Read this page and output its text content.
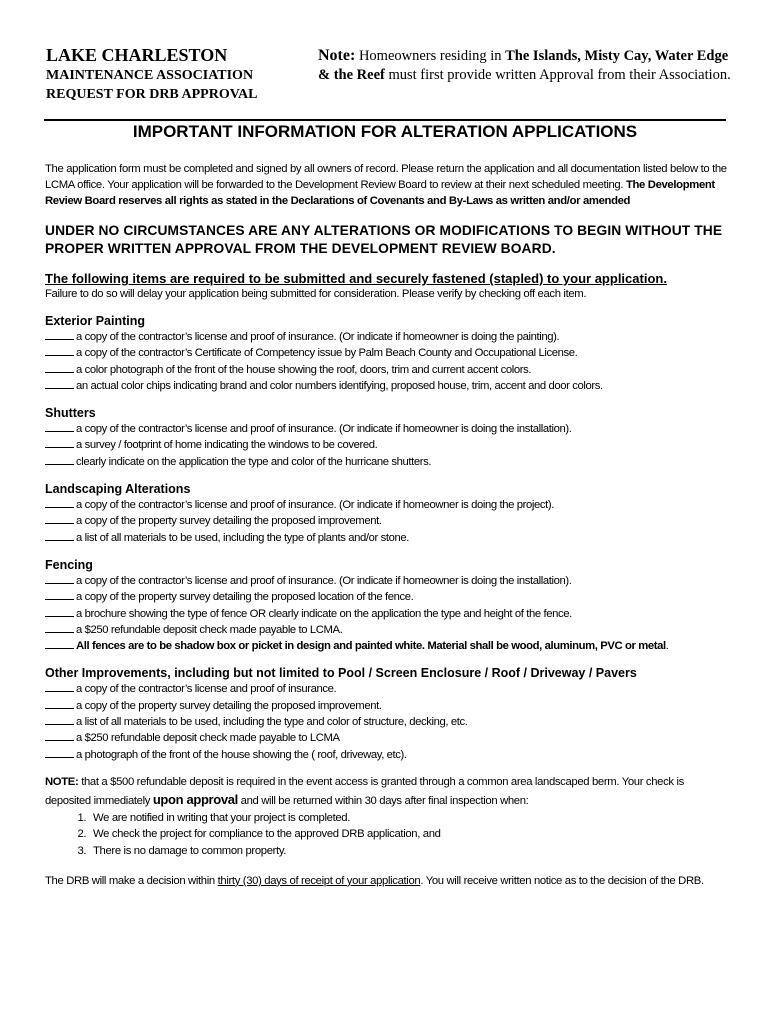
LAKE CHARLESTON

MAINTENANCE ASSOCIATION

REQUEST FOR DRB APPROVAL

Note: Homeowners residing in The Islands, Misty Cay, Water Edge & the Reef must first provide written Approval from their Association.
IMPORTANT INFORMATION FOR ALTERATION APPLICATIONS

The application form must be completed and signed by all owners of record. Please return the application and all documentation listed below to the LCMA office. Your application will be forwarded to the Development Review Board to review at their next scheduled meeting. The Development Review Board reserves all rights as stated in the Declarations of Covenants and By-Laws as written and/or amended

UNDER NO CIRCUMSTANCES ARE ANY ALTERATIONS OR MODIFICATIONS TO BEGIN WITHOUT THE PROPER WRITTEN APPROVAL FROM THE DEVELOPMENT REVIEW BOARD.

The following items are required to be submitted and securely fastened (stapled) to your application.

Failure to do so will delay your application being submitted for consideration. Please verify by checking off each item.

Exterior Painting

a copy of the contractor’s license and proof of insurance. (Or indicate if homeowner is doing the painting).

a copy of the contractor’s Certificate of Competency issue by Palm Beach County and Occupational License.

a color photograph of the front of the house showing the roof, doors, trim and current accent colors.

an actual color chips indicating brand and color numbers identifying, proposed house, trim, accent and door colors.

Shutters

a copy of the contractor’s license and proof of insurance. (Or indicate if homeowner is doing the installation).

a survey / footprint of home indicating the windows to be covered.

clearly indicate on the application the type and color of the hurricane shutters.

Landscaping Alterations

a copy of the contractor’s license and proof of insurance. (Or indicate if homeowner is doing the project).

a copy of the property survey detailing the proposed improvement.

a list of all materials to be used, including the type of plants and/or stone.

Fencing

a copy of the contractor’s license and proof of insurance. (Or indicate if homeowner is doing the installation).

a copy of the property survey detailing the proposed location of the fence.

a brochure showing the type of fence OR clearly indicate on the application the type and height of the fence.

a $250 refundable deposit check made payable to LCMA.

All fences are to be shadow box or picket in design and painted white. Material shall be wood, aluminum, PVC or metal.

Other Improvements, including but not limited to Pool / Screen Enclosure / Roof / Driveway / Pavers

a copy of the contractor’s license and proof of insurance.

a copy of the property survey detailing the proposed improvement.

a list of all materials to be used, including the type and color of structure, decking, etc.

a $250 refundable deposit check made payable to LCMA

a photograph of the front of the house showing the ( roof, driveway, etc).

NOTE: that a $500 refundable deposit is required in the event access is granted through a common area landscaped berm. Your check is deposited immediately upon approval and will be returned within 30 days after final inspection when:

1. We are notified in writing that your project is completed.
2. We check the project for compliance to the approved DRB application, and
3. There is no damage to common property.

The DRB will make a decision within thirty (30) days of receipt of your application. You will receive written notice as to the decision of the DRB.
